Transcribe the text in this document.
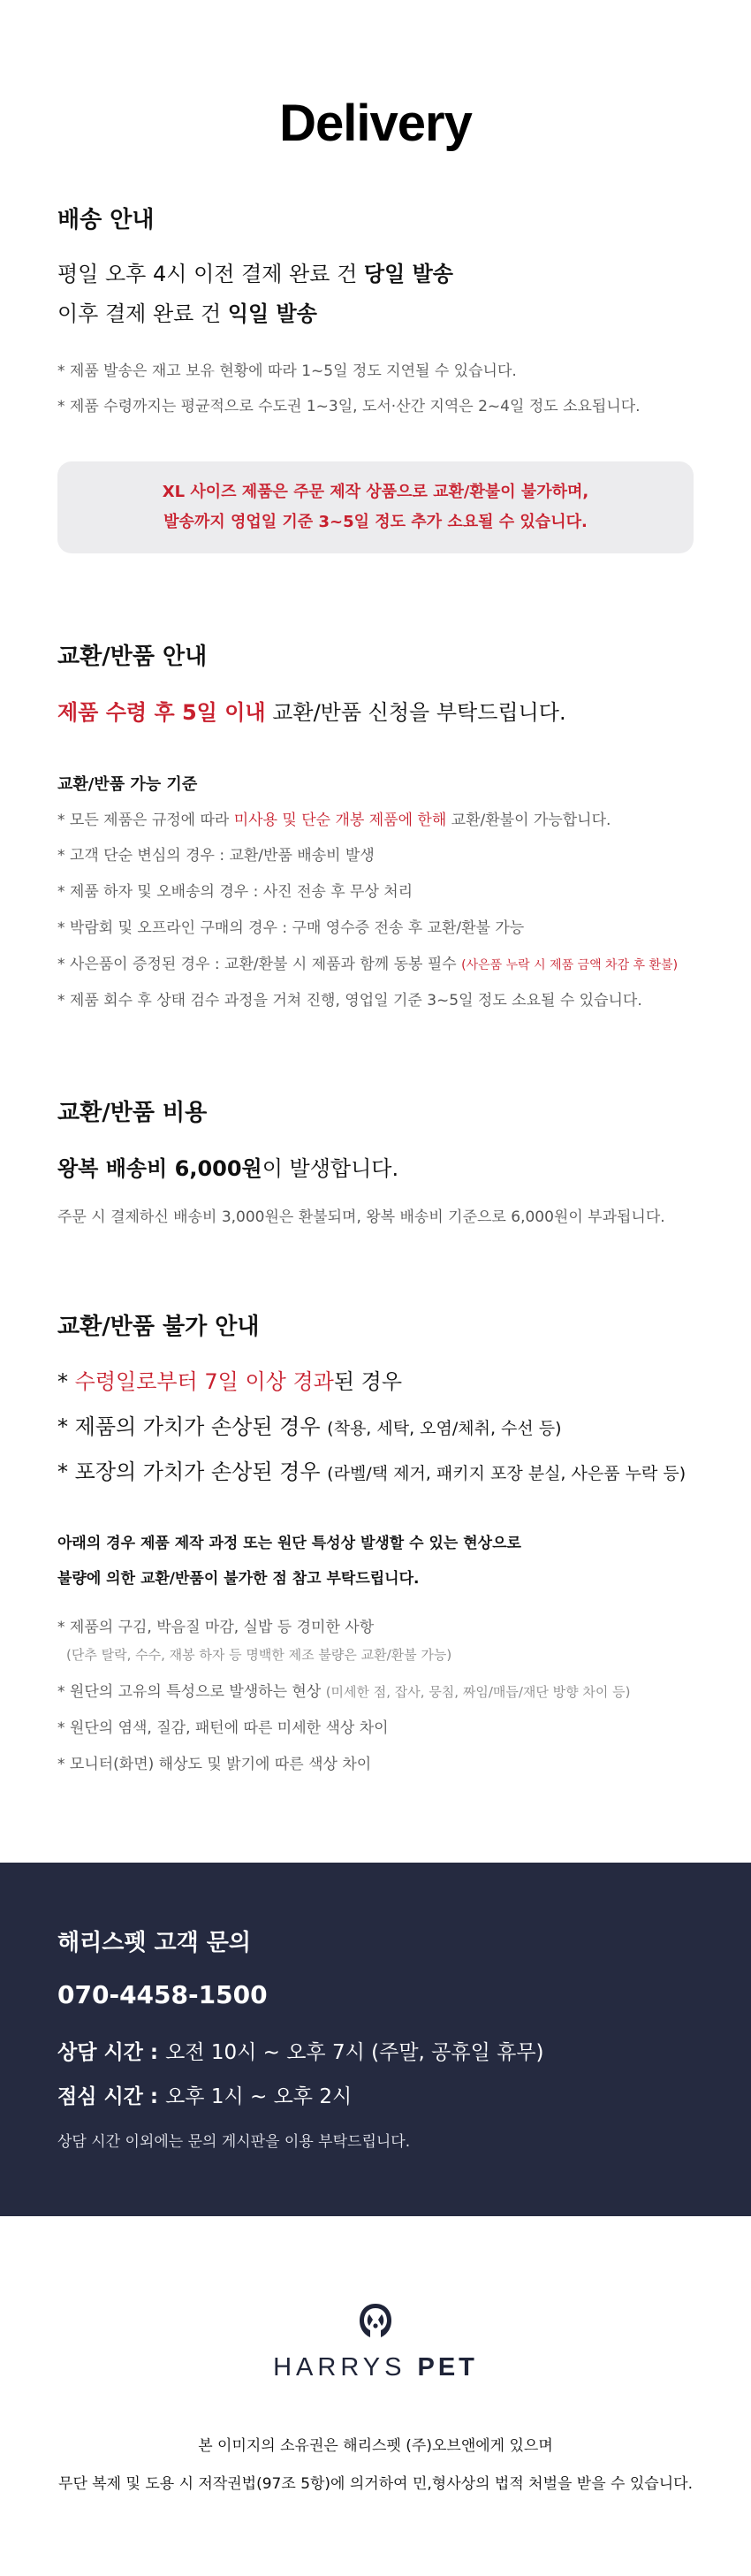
Delivery
배송 안내
평일 오후 4시 이전 결제 완료 건 당일 발송
이후 결제 완료 건 익일 발송
* 제품 발송은 재고 보유 현황에 따라 1~5일 정도 지연될 수 있습니다.
* 제품 수령까지는 평균적으로 수도권 1~3일, 도서·산간 지역은 2~4일 정도 소요됩니다.
XL 사이즈 제품은 주문 제작 상품으로 교환/환불이 불가하며,
발송까지 영업일 기준 3~5일 정도 추가 소요될 수 있습니다.
교환/반품 안내
제품 수령 후 5일 이내 교환/반품 신청을 부탁드립니다.
교환/반품 가능 기준
* 모든 제품은 규정에 따라 미사용 및 단순 개봉 제품에 한해 교환/환불이 가능합니다.
* 고객 단순 변심의 경우 : 교환/반품 배송비 발생
* 제품 하자 및 오배송의 경우 : 사진 전송 후 무상 처리
* 박람회 및 오프라인 구매의 경우 : 구매 영수증 전송 후 교환/환불 가능
* 사은품이 증정된 경우 : 교환/환불 시 제품과 함께 동봉 필수 (사은품 누락 시 제품 금액 차감 후 환불)
* 제품 회수 후 상태 검수 과정을 거쳐 진행, 영업일 기준 3~5일 정도 소요될 수 있습니다.
교환/반품 비용
왕복 배송비 6,000원이 발생합니다.
주문 시 결제하신 배송비 3,000원은 환불되며, 왕복 배송비 기준으로 6,000원이 부과됩니다.
교환/반품 불가 안내
* 수령일로부터 7일 이상 경과된 경우
* 제품의 가치가 손상된 경우 (착용, 세탁, 오염/체취, 수선 등)
* 포장의 가치가 손상된 경우 (라벨/택 제거, 패키지 포장 분실, 사은품 누락 등)
아래의 경우 제품 제작 과정 또는 원단 특성상 발생할 수 있는 현상으로
불량에 의한 교환/반품이 불가한 점 참고 부탁드립니다.
* 제품의 구김, 박음질 마감, 실밥 등 경미한 사항
(단추 탈락, 수수, 재봉 하자 등 명백한 제조 불량은 교환/환불 가능)
* 원단의 고유의 특성으로 발생하는 현상 (미세한 점, 잡사, 뭉침, 짜임/매듭/재단 방향 차이 등)
* 원단의 염색, 질감, 패턴에 따른 미세한 색상 차이
* 모니터(화면) 해상도 및 밝기에 따른 색상 차이
해리스펫 고객 문의
070-4458-1500
상담 시간 : 오전 10시 ~ 오후 7시 (주말, 공휴일 휴무)
점심 시간 : 오후 1시 ~ 오후 2시
상담 시간 이외에는 문의 게시판을 이용 부탁드립니다.
HARRYS PET
본 이미지의 소유권은 해리스펫 (주)오브앤에게 있으며
무단 복제 및 도용 시 저작권법(97조 5항)에 의거하여 민,형사상의 법적 처벌을 받을 수 있습니다.
